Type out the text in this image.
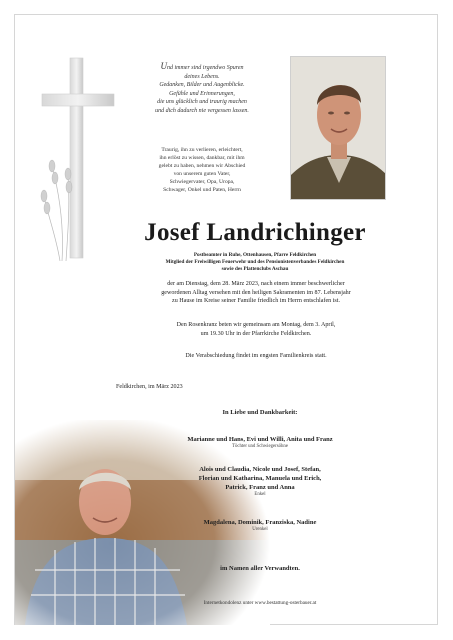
Und immer sind irgendwo Spuren
deines Lebens.
Gedanken, Bilder und Augenblicke.
Gefühle und Erinnerungen,
die uns glücklich und traurig machen
und dich dadurch nie vergessen lassen.
Traurig, ihn zu verlieren, erleichtert,
ihn erlöst zu wissen, dankbar, mit ihm
gelebt zu haben, nehmen wir Abschied
von unserem guten Vater,
Schwiegervater, Opa, Uropa,
Schwager, Onkel und Paten, Herrn
Josef Landrichinger
Postbeamter in Ruhe, Ottenhausen, Pfarre Feldkirchen
Mitglied der Freiwilligen Feuerwehr und des Pensionistenverbandes Feldkirchen
sowie des Plattenclubs Aschau
der am Dienstag, dem 28. März 2023, nach einem immer beschwerlicher
gewordenen Alltag versehen mit den heiligen Sakramenten im 87. Lebensjahr
zu Hause im Kreise seiner Familie friedlich im Herrn entschlafen ist.
Den Rosenkranz beten wir gemeinsam am Montag, dem 3. April,
um 19.30 Uhr in der Pfarrkirche Feldkirchen.
Die Verabschiedung findet im engsten Familienkreis statt.
Feldkirchen, im März 2023
In Liebe und Dankbarkeit:
Marianne und Hans, Evi und Willi, Anita und Franz
Töchter und Schwiegersöhne
Alois und Claudia, Nicole und Josef, Stefan,
Florian und Katharina, Manuela und Erich,
Patrick, Franz und Anna
Enkel
Magdalena, Dominik, Franziska, Nadine
Urenkel
im Namen aller Verwandten.
Internetkondolenz unter www.bestattung-osterbauer.at
